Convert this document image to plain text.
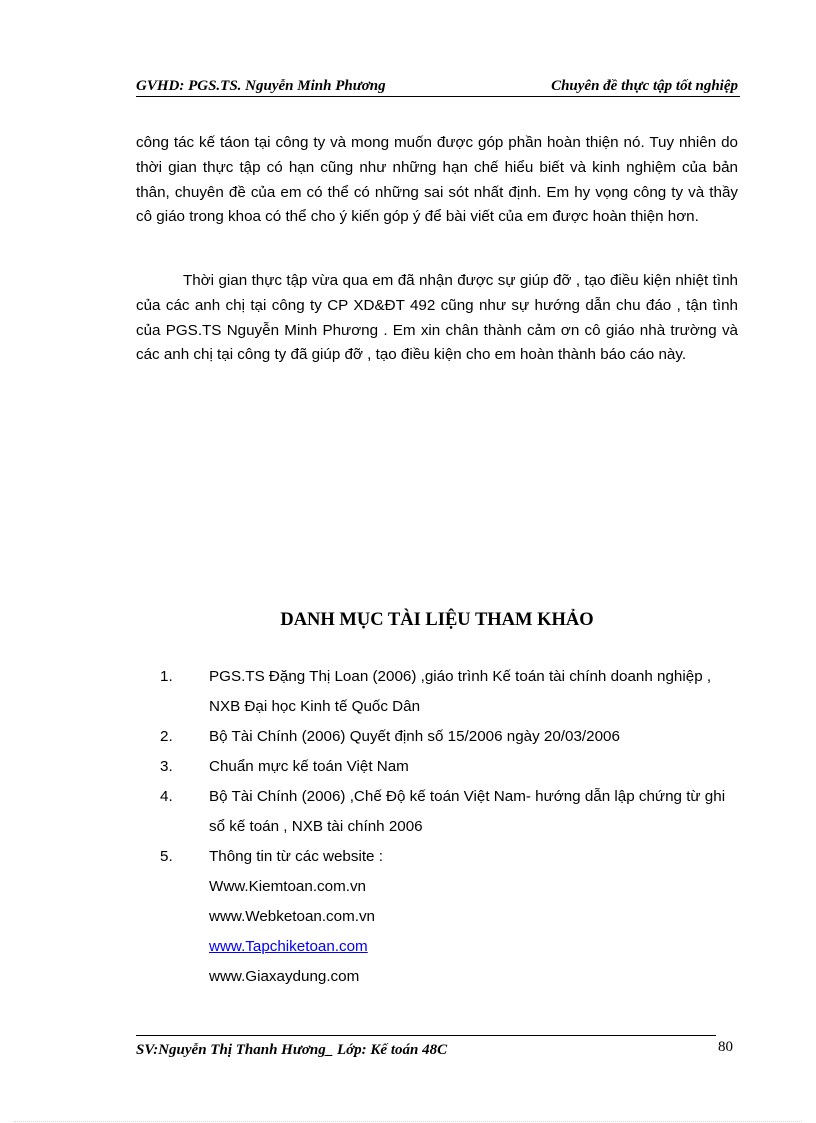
GVHD: PGS.TS. Nguyễn Minh Phương	Chuyên đề thực tập tốt nghiệp

công tác kế táon tại công ty và mong muốn được góp phần hoàn thiện nó. Tuy nhiên do thời gian thực tập có hạn cũng như những hạn chế hiểu biết và kinh nghiệm của bản thân, chuyên đề của em có thể có những sai sót nhất định. Em hy vọng công ty và thầy cô giáo trong khoa có thể cho ý kiến góp ý để bài viết của em được hoàn thiện hơn.

Thời gian thực tập vừa qua em đã nhận được sự giúp đỡ , tạo điều kiện nhiệt tình của các anh chị tại công ty CP XD&ĐT 492 cũng như sự hướng dẫn chu đáo , tận tình của PGS.TS Nguyễn Minh Phương . Em xin chân thành cảm ơn cô giáo nhà trường và các anh chị tại công ty đã giúp đỡ , tạo điều kiện cho em hoàn thành báo cáo này.

DANH MỤC TÀI LIỆU THAM KHẢO
1. PGS.TS Đặng Thị Loan (2006) ,giáo trình Kế toán tài chính doanh nghiệp , NXB Đại học Kinh tế Quốc Dân
2. Bộ Tài Chính (2006) Quyết định số 15/2006 ngày 20/03/2006
3. Chuẩn mực kế toán Việt Nam
4. Bộ Tài Chính (2006) ,Chế Độ kế toán Việt Nam- hướng dẫn lập chứng từ ghi sổ kế toán , NXB tài chính 2006
5. Thông tin từ các website :
Www.Kiemtoan.com.vn
www.Webketoan.com.vn
www.Tapchiketoan.com
www.Giaxaydung.com
SV:Nguyễn Thị Thanh Hương_ Lớp: Kế toán 48C	80
